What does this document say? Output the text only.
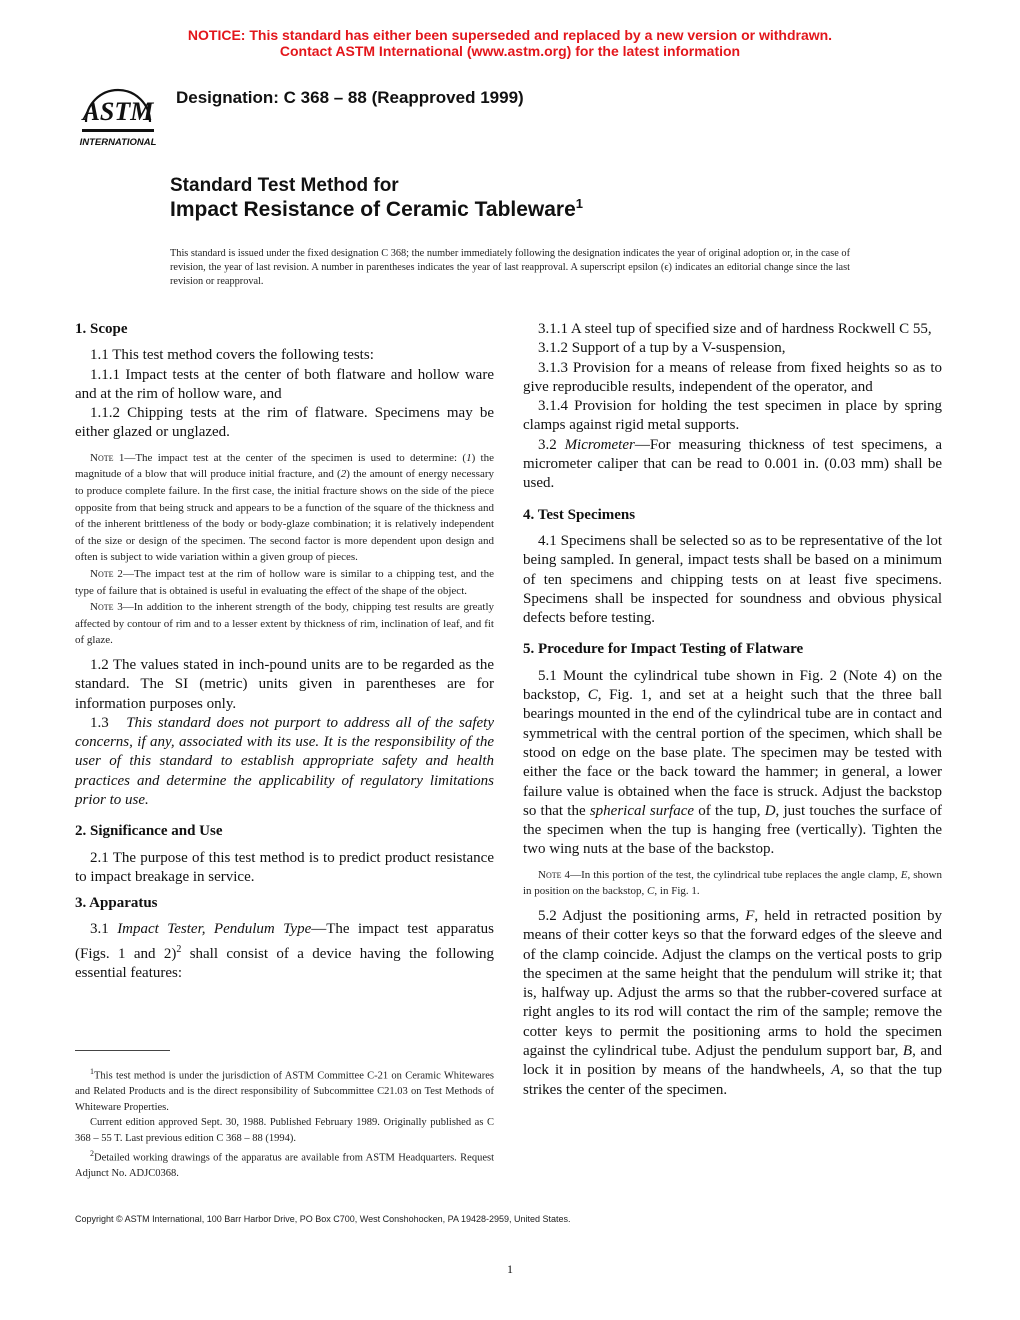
NOTICE: This standard has either been superseded and replaced by a new version or withdrawn.
Contact ASTM International (www.astm.org) for the latest information
ASTM
INTERNATIONAL
Designation: C 368 – 88 (Reapproved 1999)
Standard Test Method for
Impact Resistance of Ceramic Tableware$^1$
This standard is issued under the fixed designation C 368; the number immediately following the designation indicates the year of original adoption or, in the case of revision, the year of last revision. A number in parentheses indicates the year of last reapproval. A superscript epsilon (ϵ) indicates an editorial change since the last revision or reapproval.
1. Scope

1.1 This test method covers the following tests:

1.1.1 Impact tests at the center of both flatware and hollow ware and at the rim of hollow ware, and

1.1.2 Chipping tests at the rim of flatware. Specimens may be either glazed or unglazed.

Note 1—The impact test at the center of the specimen is used to determine: (1) the magnitude of a blow that will produce initial fracture, and (2) the amount of energy necessary to produce complete failure. In the first case, the initial fracture shows on the side of the piece opposite from that being struck and appears to be a function of the square of the thickness and of the inherent brittleness of the body or body-glaze combination; it is relatively independent of the size or design of the specimen. The second factor is more dependent upon design and often is subject to wide variation within a given group of pieces.

Note 2—The impact test at the rim of hollow ware is similar to a chipping test, and the type of failure that is obtained is useful in evaluating the effect of the shape of the object.

Note 3—In addition to the inherent strength of the body, chipping test results are greatly affected by contour of rim and to a lesser extent by thickness of rim, inclination of leaf, and fit of glaze.

1.2 The values stated in inch-pound units are to be regarded as the standard. The SI (metric) units given in parentheses are for information purposes only.

1.3 This standard does not purport to address all of the safety concerns, if any, associated with its use. It is the responsibility of the user of this standard to establish appropriate safety and health practices and determine the applicability of regulatory limitations prior to use.

2. Significance and Use

2.1 The purpose of this test method is to predict product resistance to impact breakage in service.

3. Apparatus

3.1 Impact Tester, Pendulum Type—The impact test apparatus (Figs. 1 and 2)$^2$ shall consist of a device having the following essential features:

3.1.1 A steel tup of specified size and of hardness Rockwell C 55,

3.1.2 Support of a tup by a V-suspension,

3.1.3 Provision for a means of release from fixed heights so as to give reproducible results, independent of the operator, and

3.1.4 Provision for holding the test specimen in place by spring clamps against rigid metal supports.

3.2 Micrometer—For measuring thickness of test specimens, a micrometer caliper that can be read to 0.001 in. (0.03 mm) shall be used.

4. Test Specimens

4.1 Specimens shall be selected so as to be representative of the lot being sampled. In general, impact tests shall be based on a minimum of ten specimens and chipping tests on at least five specimens. Specimens shall be inspected for soundness and obvious physical defects before testing.

5. Procedure for Impact Testing of Flatware

5.1 Mount the cylindrical tube shown in Fig. 2 (Note 4) on the backstop, C, Fig. 1, and set at a height such that the three ball bearings mounted in the end of the cylindrical tube are in contact and symmetrical with the central portion of the specimen, which shall be stood on edge on the base plate. The specimen may be tested with either the face or the back toward the hammer; in general, a lower failure value is obtained when the face is struck. Adjust the backstop so that the spherical surface of the tup, D, just touches the surface of the specimen when the tup is hanging free (vertically). Tighten the two wing nuts at the base of the backstop.

Note 4—In this portion of the test, the cylindrical tube replaces the angle clamp, E, shown in position on the backstop, C, in Fig. 1.

5.2 Adjust the positioning arms, F, held in retracted position by means of their cotter keys so that the forward edges of the sleeve and of the clamp coincide. Adjust the clamps on the vertical posts to grip the specimen at the same height that the pendulum will strike it; that is, halfway up. Adjust the arms so that the rubber-covered surface at right angles to its rod will contact the rim of the sample; remove the cotter keys to permit the positioning arms to hold the specimen against the cylindrical tube. Adjust the pendulum support bar, B, and lock it in position by means of the handwheels, A, so that the tup strikes the center of the specimen.

$^1$This test method is under the jurisdiction of ASTM Committee C-21 on Ceramic Whitewares and Related Products and is the direct responsibility of Subcommittee C21.03 on Test Methods of Whiteware Properties.

Current edition approved Sept. 30, 1988. Published February 1989. Originally published as C 368 – 55 T. Last previous edition C 368 – 88 (1994).

$^2$Detailed working drawings of the apparatus are available from ASTM Headquarters. Request Adjunct No. ADJC0368.

Copyright © ASTM International, 100 Barr Harbor Drive, PO Box C700, West Conshohocken, PA 19428-2959, United States.
1
